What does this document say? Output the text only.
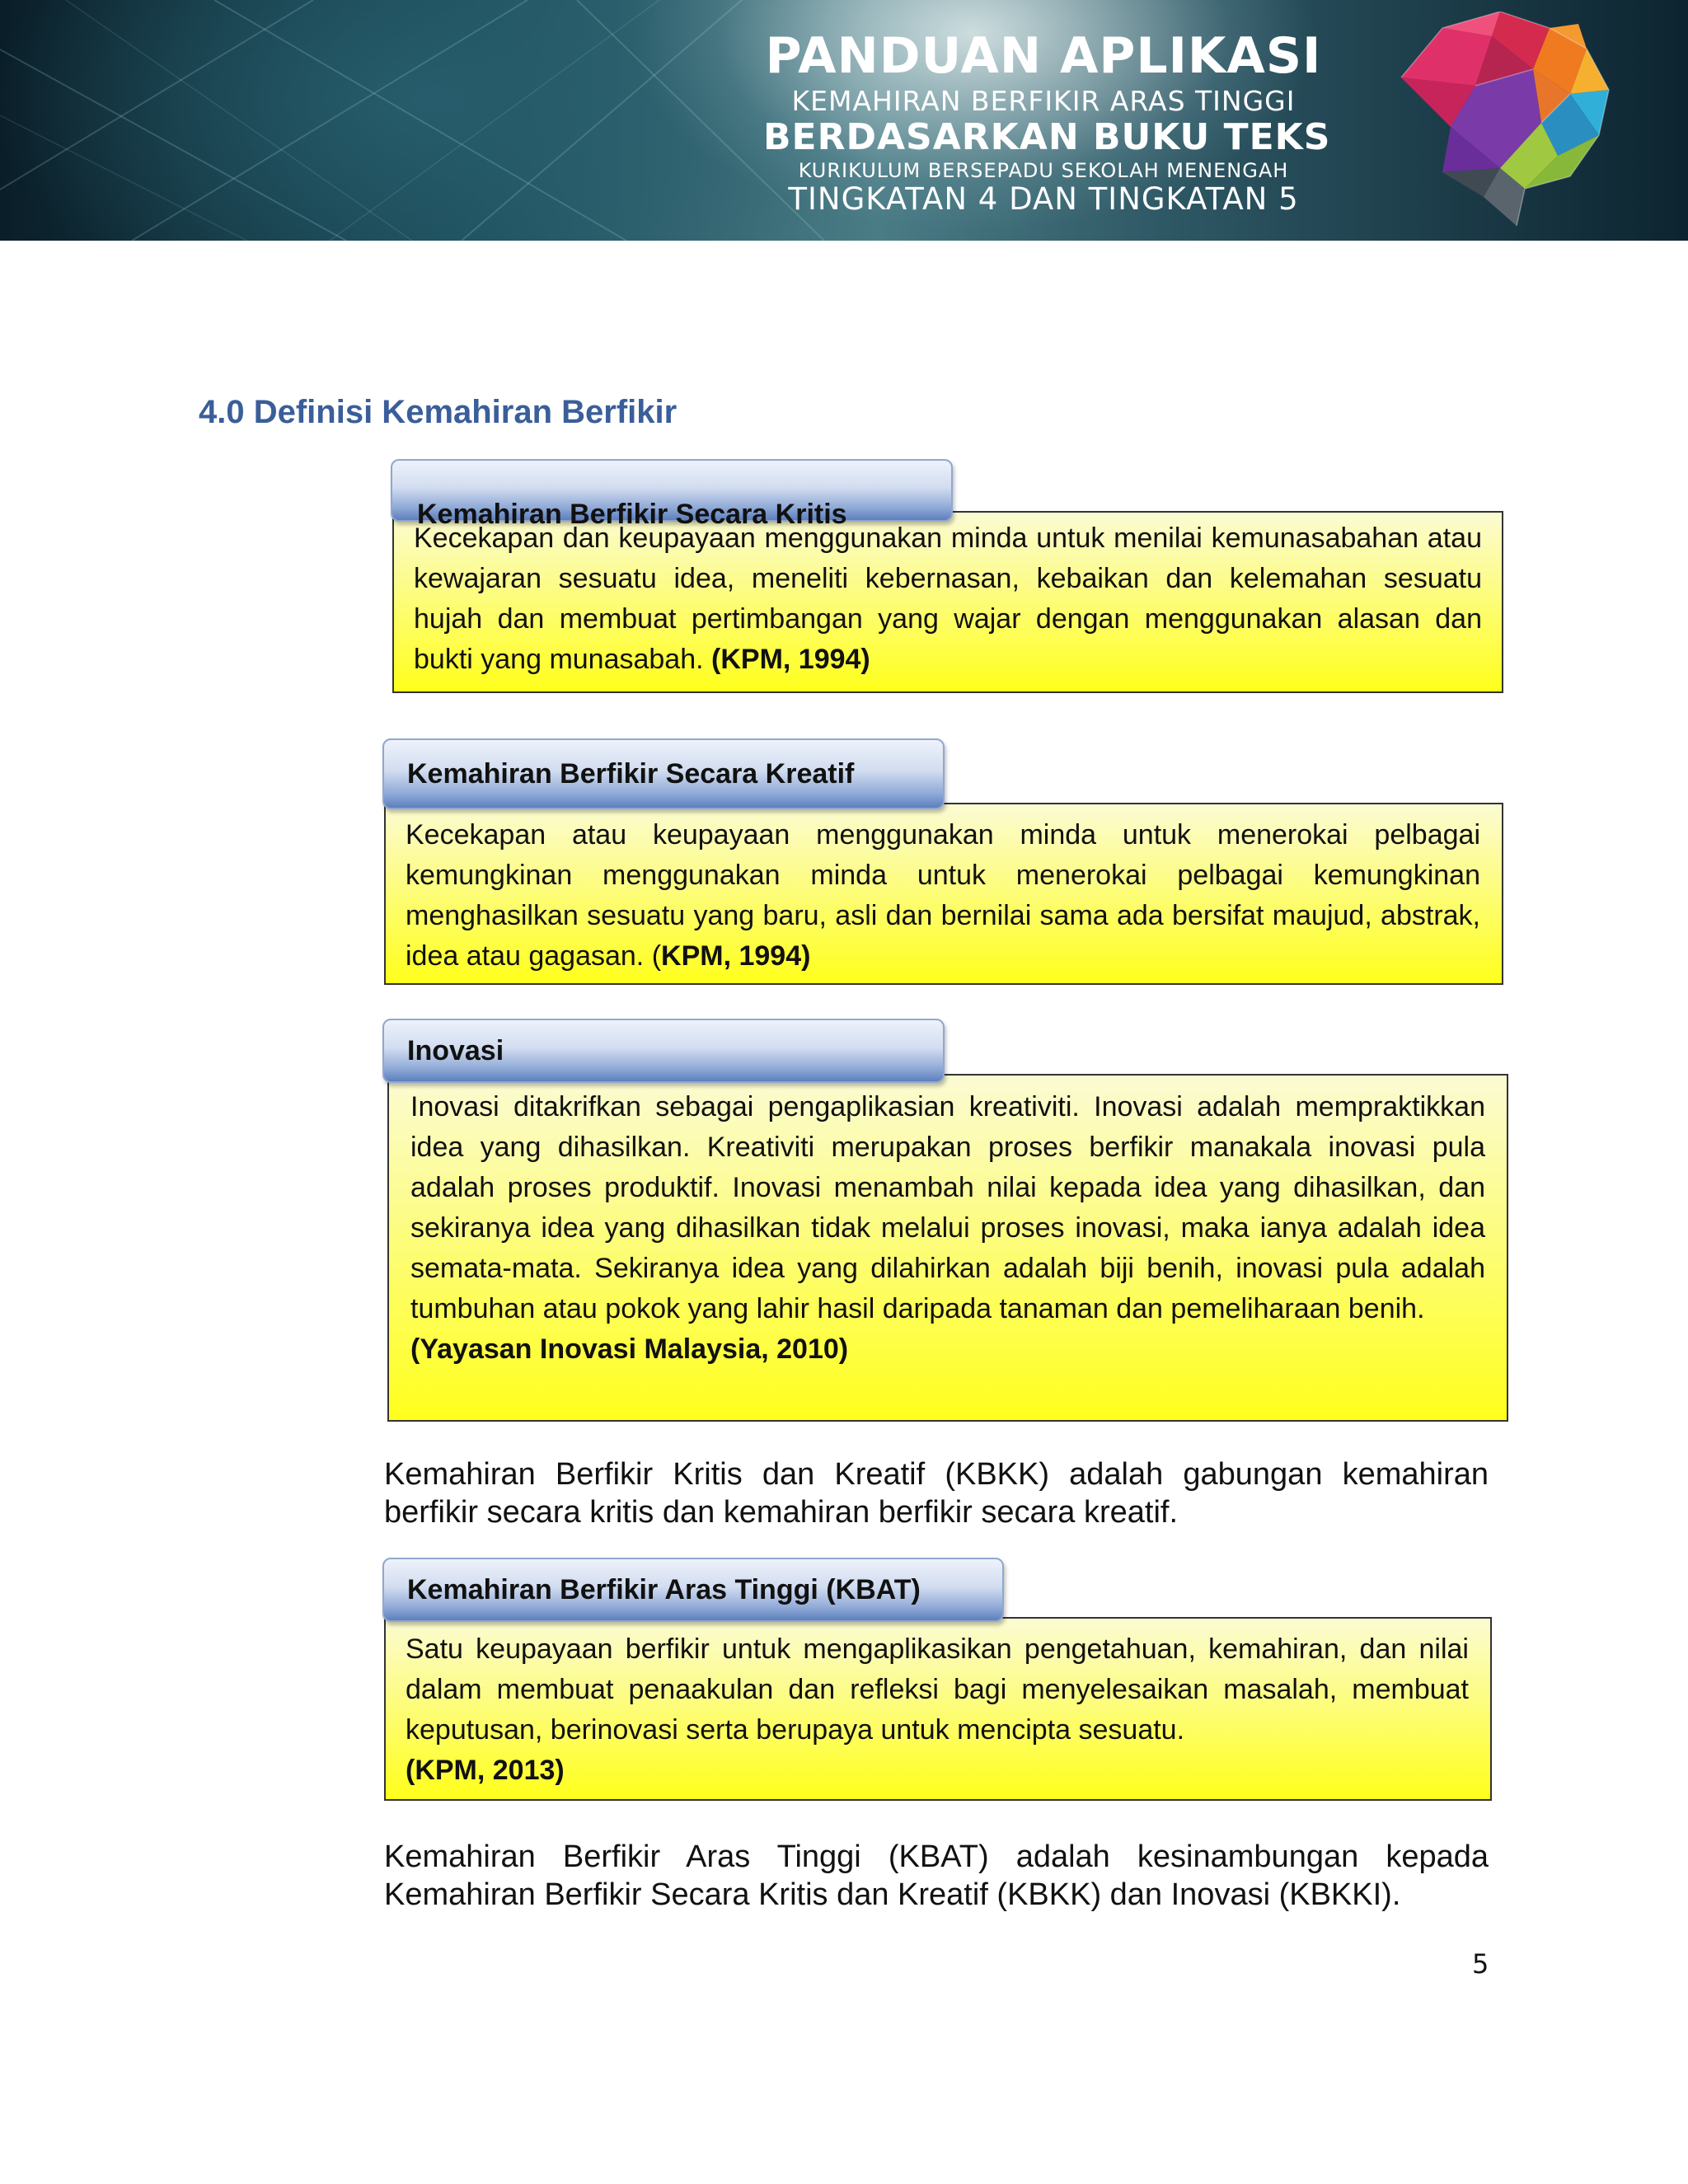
PANDUAN APLIKASI
KEMAHIRAN BERFIKIR ARAS TINGGI
BERDASARKAN BUKU TEKS
KURIKULUM BERSEPADU SEKOLAH MENENGAH
TINGKATAN 4 DAN TINGKATAN 5
4.0 Definisi Kemahiran Berfikir

Kecekapan dan keupayaan menggunakan minda untuk menilai kemunasabahan atau kewajaran sesuatu idea, meneliti kebernasan, kebaikan dan kelemahan sesuatu hujah dan membuat pertimbangan yang wajar dengan menggunakan alasan dan bukti yang munasabah. (KPM, 1994)

Kemahiran Berfikir Secara Kritis

Kecekapan atau keupayaan menggunakan minda untuk menerokai pelbagai kemungkinan menggunakan minda untuk menerokai pelbagai kemungkinan menghasilkan sesuatu yang baru, asli dan bernilai sama ada bersifat maujud, abstrak, idea atau gagasan. (KPM, 1994)

Kemahiran Berfikir Secara Kreatif

Inovasi ditakrifkan sebagai pengaplikasian kreativiti. Inovasi adalah mempraktikkan idea yang dihasilkan. Kreativiti merupakan proses berfikir manakala inovasi pula adalah proses produktif. Inovasi menambah nilai kepada idea yang dihasilkan, dan sekiranya idea yang dihasilkan tidak melalui proses inovasi, maka ianya adalah idea semata-mata. Sekiranya idea yang dilahirkan adalah biji benih, inovasi pula adalah tumbuhan atau pokok yang lahir hasil daripada tanaman dan pemeliharaan benih.

(Yayasan Inovasi Malaysia, 2010)

Inovasi

Kemahiran Berfikir Kritis dan Kreatif (KBKK) adalah gabungan kemahiran berfikir secara kritis dan kemahiran berfikir secara kreatif.

Satu keupayaan berfikir untuk mengaplikasikan pengetahuan, kemahiran, dan nilai dalam membuat penaakulan dan refleksi bagi menyelesaikan masalah, membuat keputusan, berinovasi serta berupaya untuk mencipta sesuatu.

(KPM, 2013)

Kemahiran Berfikir Aras Tinggi (KBAT)

Kemahiran Berfikir Aras Tinggi (KBAT) adalah kesinambungan kepada Kemahiran Berfikir Secara Kritis dan Kreatif (KBKK) dan Inovasi (KBKKI).

5
